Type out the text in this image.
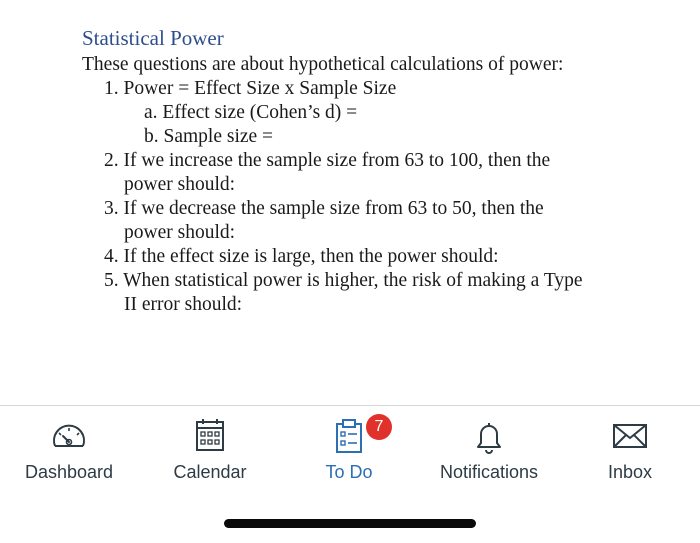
Statistical Power
These questions are about hypothetical calculations of power:
1. Power = Effect Size x Sample Size
a. Effect size (Cohen’s d) =
b. Sample size =
2. If we increase the sample size from 63 to 100, then the
power should:
3. If we decrease the sample size from 63 to 50, then the
power should:
4. If the effect size is large, then the power should:
5. When statistical power is higher, the risk of making a Type
II error should:
Dashboard	Calendar
7
To Do	Notifications	Inbox
